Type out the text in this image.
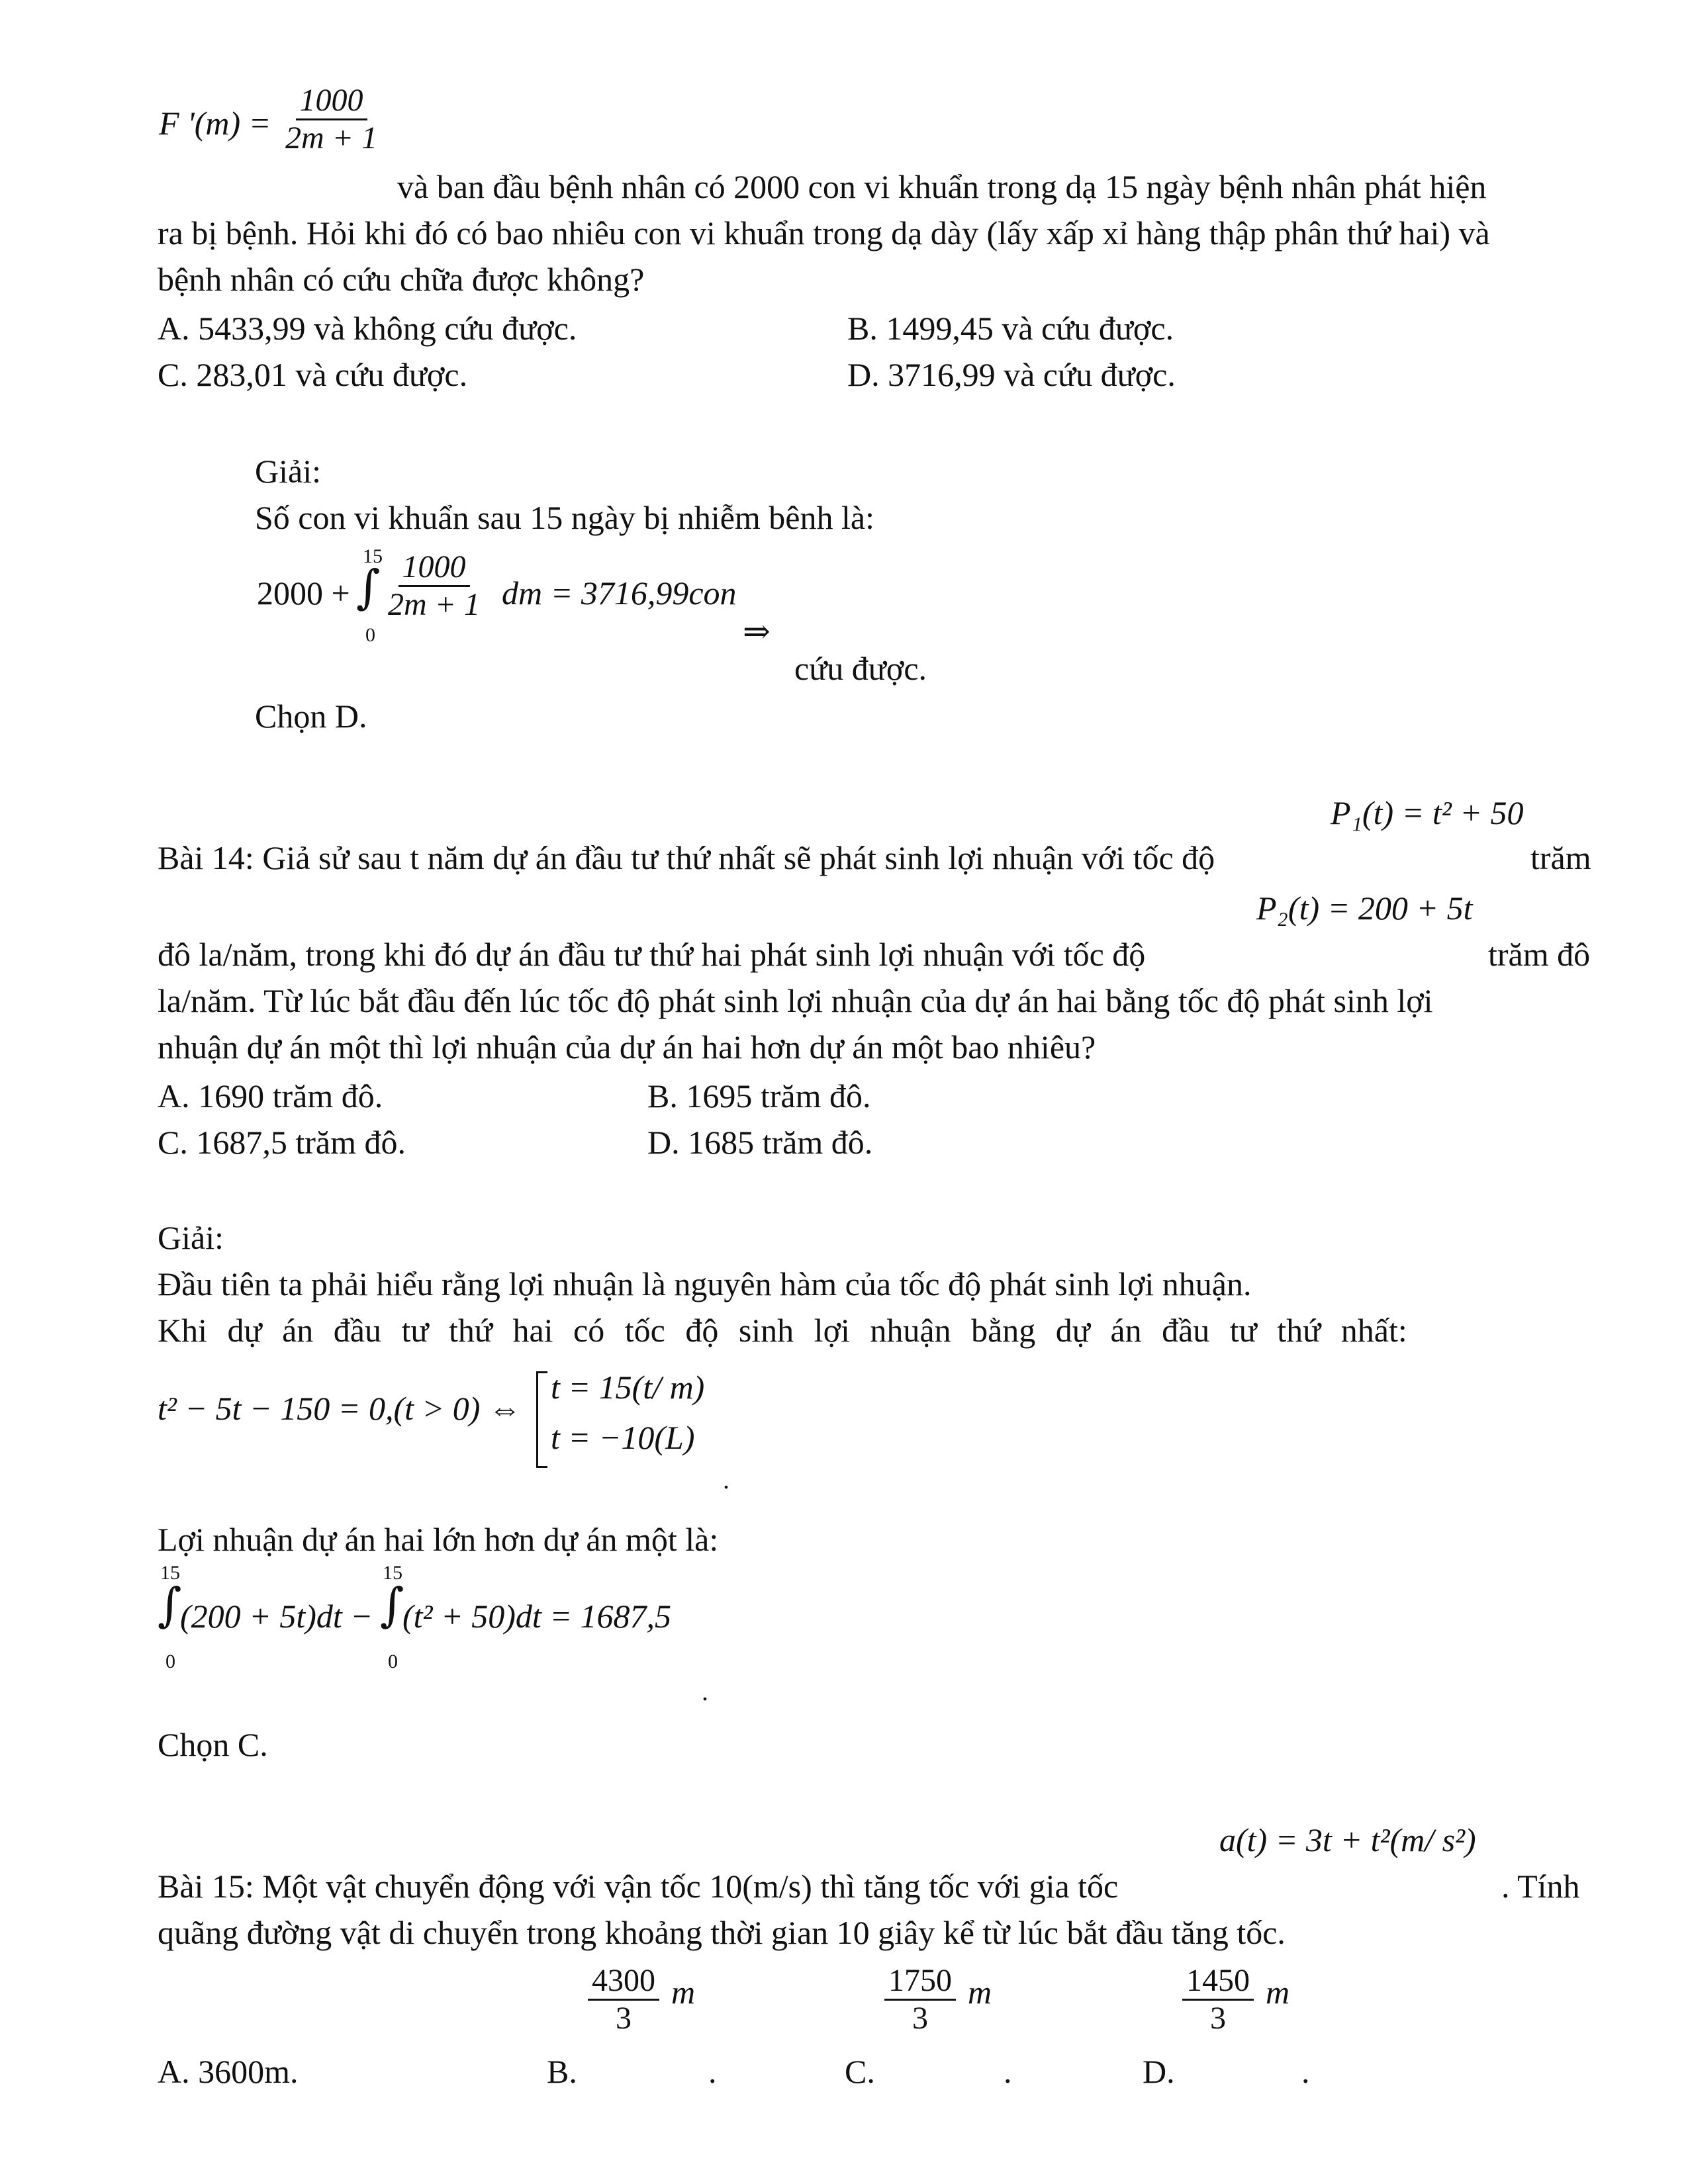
F '$(m) = \frac{1000}{2m + 1}$
và ban đầu bệnh nhân có 2000 con vi khuẩn trong dạ 15 ngày bệnh nhân phát hiện
ra bị bệnh. Hỏi khi đó có bao nhiêu con vi khuẩn trong dạ dày (lấy xấp xỉ hàng thập phân thứ hai) và
bệnh nhân có cứu chữa được không?
A. 5433,99 và không cứu được.	B. 1499,45 và cứu được.
C. 283,01 và cứu được.	D. 3716,99 và cứu được.
Giải:
Số con vi khuẩn sau 15 ngày bị nhiễm bênh là:
2000 +
15
∫
0
$\frac{1000}{2m + 1}$ dm = 3716,99con
⇒
cứu được.
Chọn D.
P₁(t) = t² + 50
Bài 14: Giả sử sau t năm dự án đầu tư thứ nhất sẽ phát sinh lợi nhuận với tốc độ	trăm
P₂(t) = 200 + 5t
đô la/năm, trong khi đó dự án đầu tư thứ hai phát sinh lợi nhuận với tốc độ	trăm đô
la/năm. Từ lúc bắt đầu đến lúc tốc độ phát sinh lợi nhuận của dự án hai bằng tốc độ phát sinh lợi
nhuận dự án một thì lợi nhuận của dự án hai hơn dự án một bao nhiêu?
A. 1690 trăm đô.	B. 1695 trăm đô.
C. 1687,5 trăm đô.	D. 1685 trăm đô.
Giải:
Đầu tiên ta phải hiểu rằng lợi nhuận là nguyên hàm của tốc độ phát sinh lợi nhuận.
Khi dự án đầu tư thứ hai có tốc độ sinh lợi nhuận bằng dự án đầu tư thứ nhất:
t² − 5t − 150 = 0,(t > 0) ⇔
t = 15(t/ m)
t = −10(L)
.
Lợi nhuận dự án hai lớn hơn dự án một là:
15
∫
0
(200 + 5t)dt −
15
∫
0
(t² + 50)dt = 1687,5
.
Chọn C.
a(t) = 3t + t²(m/ s²)
Bài 15: Một vật chuyển động với vận tốc 10(m/s) thì tăng tốc với gia tốc	. Tính
quãng đường vật di chuyển trong khoảng thời gian 10 giây kể từ lúc bắt đầu tăng tốc.
$\frac{4300}{3}$ m	$\frac{1750}{3}$ m	$\frac{1450}{3}$ m
A. 3600m.	B.	.	C.	.	D.	.
